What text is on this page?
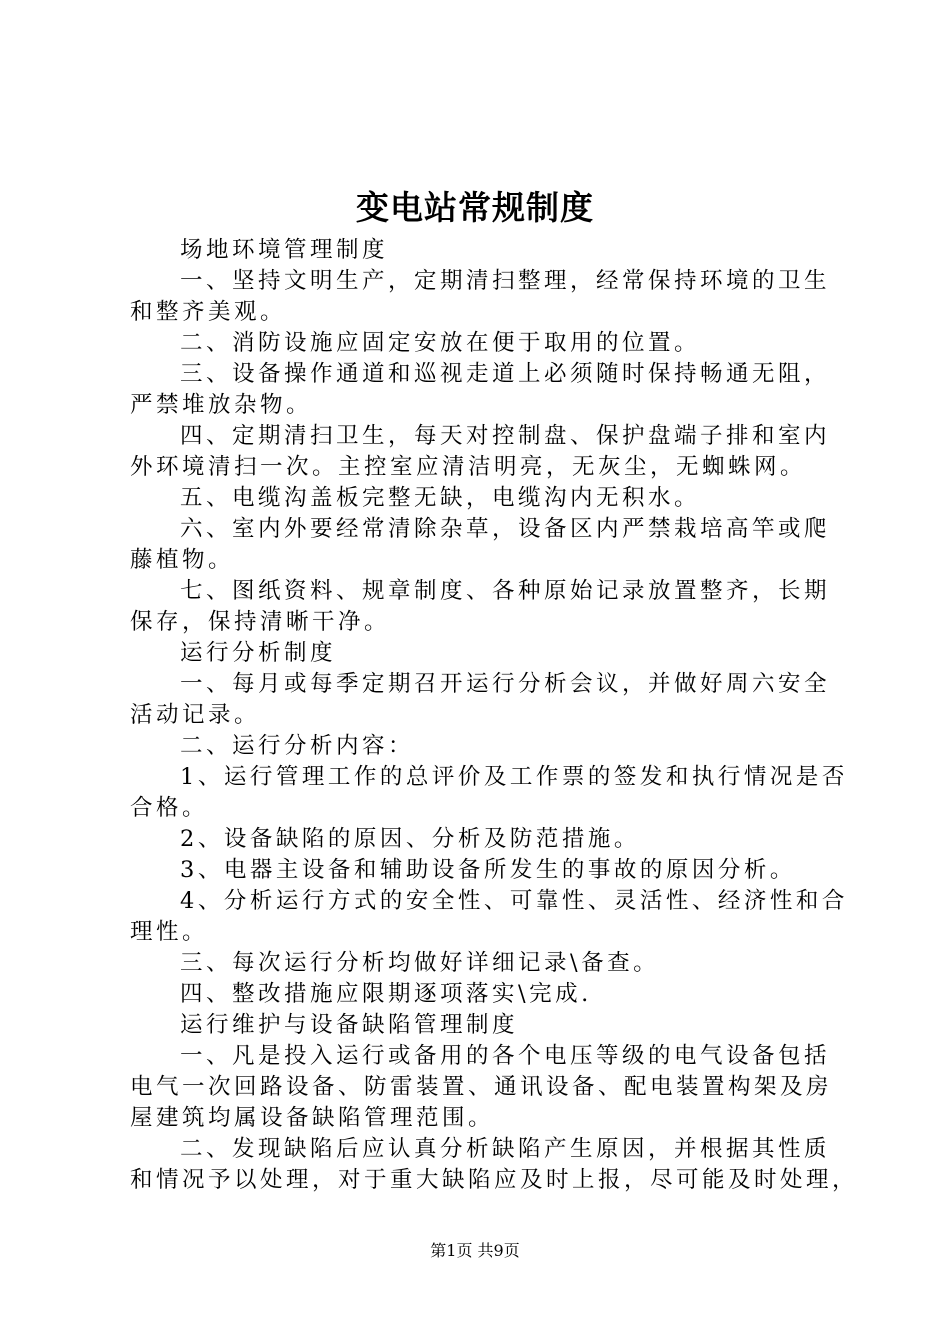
变电站常规制度
场地环境管理制度
一、坚持文明生产，定期清扫整理，经常保持环境的卫生
和整齐美观。
二、消防设施应固定安放在便于取用的位置。
三、设备操作通道和巡视走道上必须随时保持畅通无阻，
严禁堆放杂物。
四、定期清扫卫生，每天对控制盘、保护盘端子排和室内
外环境清扫一次。主控室应清洁明亮，无灰尘，无蜘蛛网。
五、电缆沟盖板完整无缺，电缆沟内无积水。
六、室内外要经常清除杂草，设备区内严禁栽培高竿或爬
藤植物。
七、图纸资料、规章制度、各种原始记录放置整齐，长期
保存，保持清晰干净。
运行分析制度
一、每月或每季定期召开运行分析会议，并做好周六安全
活动记录。
二、运行分析内容：
1、运行管理工作的总评价及工作票的签发和执行情况是否
合格。
2、设备缺陷的原因、分析及防范措施。
3、电器主设备和辅助设备所发生的事故的原因分析。
4、分析运行方式的安全性、可靠性、灵活性、经济性和合
理性。
三、每次运行分析均做好详细记录\备查。
四、整改措施应限期逐项落实\完成.
运行维护与设备缺陷管理制度
一、凡是投入运行或备用的各个电压等级的电气设备包括
电气一次回路设备、防雷装置、通讯设备、配电装置构架及房
屋建筑均属设备缺陷管理范围。
二、发现缺陷后应认真分析缺陷产生原因，并根据其性质
和情况予以处理，对于重大缺陷应及时上报，尽可能及时处理，
第1页 共9页
